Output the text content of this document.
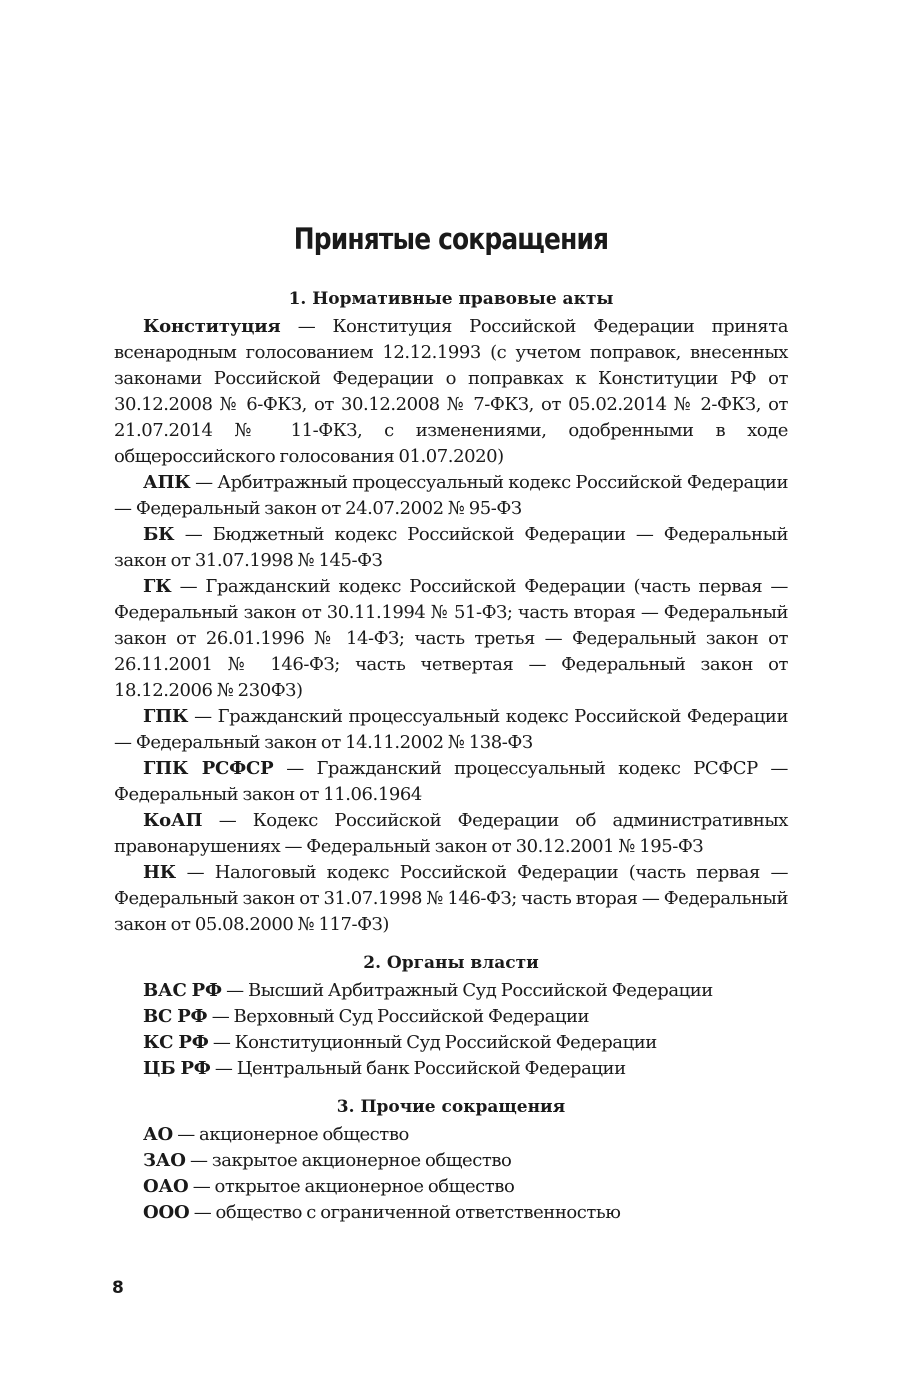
Принятые сокращения
1. Нормативные правовые акты

Конституция — Конституция Российской Федерации принята всенародным голосованием 12.12.1993 (с учетом поправок, внесенных законами Российской Федерации о поправках к Конституции РФ от 30.12.2008 № 6-ФКЗ, от 30.12.2008 № 7-ФКЗ, от 05.02.2014 № 2-ФКЗ, от 21.07.2014 № 11-ФКЗ, с изменениями, одобренными в ходе общероссийского голосования 01.07.2020)

АПК — Арбитражный процессуальный кодекс Российской Федерации — Федеральный закон от 24.07.2002 № 95-ФЗ

БК — Бюджетный кодекс Российской Федерации — Федеральный закон от 31.07.1998 № 145-ФЗ

ГК — Гражданский кодекс Российской Федерации (часть первая — Федеральный закон от 30.11.1994 № 51-ФЗ; часть вторая — Федеральный закон от 26.01.1996 № 14-ФЗ; часть третья — Федеральный закон от 26.11.2001 № 146-ФЗ; часть четвертая — Федеральный закон от 18.12.2006 № 230ФЗ)

ГПК — Гражданский процессуальный кодекс Российской Федерации — Федеральный закон от 14.11.2002 № 138-ФЗ

ГПК РСФСР — Гражданский процессуальный кодекс РСФСР — Федеральный закон от 11.06.1964

КоАП — Кодекс Российской Федерации об административных правонарушениях — Федеральный закон от 30.12.2001 № 195-ФЗ

НК — Налоговый кодекс Российской Федерации (часть первая — Федеральный закон от 31.07.1998 № 146-ФЗ; часть вторая — Федеральный закон от 05.08.2000 № 117-ФЗ)

2. Органы власти

ВАС РФ — Высший Арбитражный Суд Российской Федерации

ВС РФ — Верховный Суд Российской Федерации

КС РФ — Конституционный Суд Российской Федерации

ЦБ РФ — Центральный банк Российской Федерации

3. Прочие сокращения

АО — акционерное общество

ЗАО — закрытое акционерное общество

ОАО — открытое акционерное общество

ООО — общество с ограниченной ответственностью

8
